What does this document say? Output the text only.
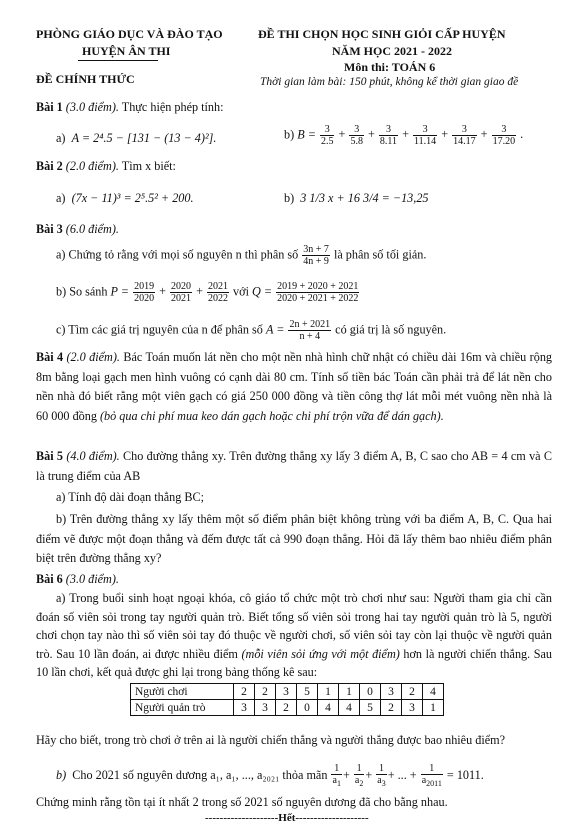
PHÒNG GIÁO DỤC VÀ ĐÀO TẠO
HUYỆN ÂN THI
ĐỀ CHÍNH THỨC
ĐỀ THI CHỌN HỌC SINH GIỎI CẤP HUYỆN
NĂM HỌC 2021 - 2022
Môn thi: TOÁN 6
Thời gian làm bài: 150 phút, không kể thời gian giao đề
Bài 1 (3.0 điểm). Thực hiện phép tính:
a) A = 2⁴.5 − [131 − (13 − 4)²].	b) $B = \frac{3}{2.5} + \frac{3}{5.8} + \frac{3}{8.11} + \frac{3}{11.14} + \frac{3}{14.17} + \frac{3}{17.20}$ .
Bài 2 (2.0 điểm). Tìm x biết:
a) (7x − 11)³ = 2⁵.5² + 200.	b) 3 1/3 x + 16 3/4 = −13,25
Bài 3 (6.0 điểm).
a) Chứng tỏ rằng với mọi số nguyên n thì phân số $\frac{3n + 7}{4n + 9}$ là phân số tối giản.
b) So sánh $P = \frac{2019}{2020} + \frac{2020}{2021} + \frac{2021}{2022}$ với $Q = \frac{2019 + 2020 + 2021}{2020 + 2021 + 2022}$
c) Tìm các giá trị nguyên của n để phân số $A = \frac{2n + 2021}{n + 4}$ có giá trị là số nguyên.
Bài 4 (2.0 điểm). Bác Toán muốn lát nền cho một nền nhà hình chữ nhật có chiều dài 16m và chiều rộng 8m bằng loại gạch men hình vuông có cạnh dài 80 cm. Tính số tiền bác Toán cần phải trả để lát nền cho nền nhà đó biết rằng một viên gạch có giá 250 000 đồng và tiền công thợ lát mỗi mét vuông nền nhà là 60 000 đồng (bỏ qua chi phí mua keo dán gạch hoặc chi phí trộn vữa để dán gạch).
Bài 5 (4.0 điểm). Cho đường thẳng xy. Trên đường thẳng xy lấy 3 điểm A, B, C sao cho AB = 4 cm và C là trung điểm của AB
a) Tính độ dài đoạn thẳng BC;
b) Trên đường thẳng xy lấy thêm một số điểm phân biệt không trùng với ba điểm A, B, C. Qua hai điểm vẽ được một đoạn thẳng và đếm được tất cả 990 đoạn thẳng. Hỏi đã lấy thêm bao nhiêu điểm phân biệt trên đường thẳng xy?
Bài 6 (3.0 điểm).
a) Trong buổi sinh hoạt ngoại khóa, cô giáo tổ chức một trò chơi như sau: Người tham gia chỉ cần đoán số viên sỏi trong tay người quản trò. Biết tổng số viên sỏi trong hai tay người quản trò là 5, người chơi chọn tay nào thì số viên sỏi tay đó thuộc về người chơi, số viên sỏi tay còn lại thuộc về người quản trò. Sau 10 lần đoán, ai được nhiều điểm (mỗi viên sỏi ứng với một điểm) hơn là người chiến thắng. Sau 10 lần chơi, kết quả được ghi lại trong bảng thống kê sau:
Người chơi	2	2	3	5	1	1	0	3	2	4
Người quản trò	3	3	2	0	4	4	5	2	3	1
Hãy cho biết, trong trò chơi ở trên ai là người chiến thắng và người thắng được bao nhiêu điểm?
b) Cho 2021 số nguyên dương a₁, a₁, ..., a₂₀₂₁ thỏa mãn $\frac{1}{a_1} + \frac{1}{a_2} + \frac{1}{a_3}$ + ... + $\frac{1}{a_{2011}} = 1011$.
Chứng minh rằng tồn tại ít nhất 2 trong số 2021 số nguyên dương đã cho bằng nhau.
--------------------Hết--------------------
